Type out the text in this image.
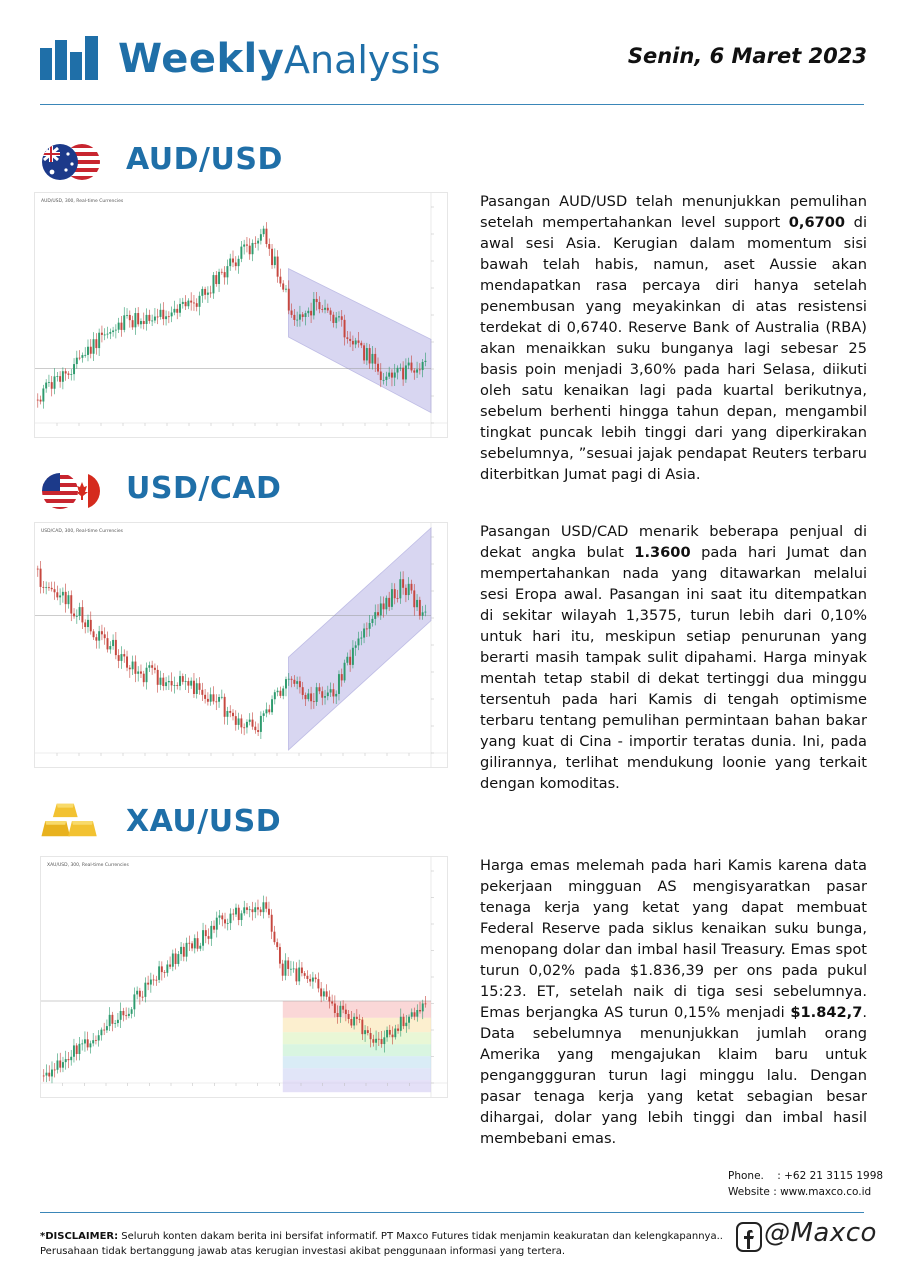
Weekly Analysis	Senin, 6 Maret 2023
AUD/USD
AUD/USD, 300, Real-time Currencies	Pasangan AUD/USD telah menunjukkan pemulihan setelah mempertahankan level support 0,6700 di awal sesi Asia. Kerugian dalam momentum sisi bawah telah habis, namun, aset Aussie akan mendapatkan rasa percaya diri hanya setelah penembusan yang meyakinkan di atas resistensi terdekat di 0,6740. Reserve Bank of Australia (RBA) akan menaikkan suku bunganya lagi sebesar 25 basis poin menjadi 3,60% pada hari Selasa, diikuti oleh satu kenaikan lagi pada kuartal berikutnya, sebelum berhenti hingga tahun depan, mengambil tingkat puncak lebih tinggi dari yang diperkirakan sebelumnya, ”sesuai jajak pendapat Reuters terbaru diterbitkan Jumat pagi di Asia.
USD/CAD
USD/CAD, 300, Real-time Currencies	Pasangan USD/CAD menarik beberapa penjual di dekat angka bulat 1.3600 pada hari Jumat dan mempertahankan nada yang ditawarkan melalui sesi Eropa awal. Pasangan ini saat itu ditempatkan di sekitar wilayah 1,3575, turun lebih dari 0,10% untuk hari itu, meskipun setiap penurunan yang berarti masih tampak sulit dipahami. Harga minyak mentah tetap stabil di dekat tertinggi dua minggu tersentuh pada hari Kamis di tengah optimisme terbaru tentang pemulihan permintaan bahan bakar yang kuat di Cina - importir teratas dunia. Ini, pada gilirannya, terlihat mendukung loonie yang terkait dengan komoditas.
XAU/USD
XAU/USD, 300, Real-time Currencies	Harga emas melemah pada hari Kamis karena data pekerjaan mingguan AS mengisyaratkan pasar tenaga kerja yang ketat yang dapat membuat Federal Reserve pada siklus kenaikan suku bunga, menopang dolar dan imbal hasil Treasury. Emas spot turun 0,02% pada $1.836,39 per ons pada pukul 15:23. ET, setelah naik di tiga sesi sebelumnya. Emas berjangka AS turun 0,15% menjadi $1.842,7. Data sebelumnya menunjukkan jumlah orang Amerika yang mengajukan klaim baru untuk penganggguran turun lagi minggu lalu. Dengan pasar tenaga kerja yang ketat sebagian besar dihargai, dolar yang lebih tinggi dan imbal hasil membebani emas.
Phone. : +62 21 3115 1998
Website : www.maxco.co.id
*DISCLAIMER: Seluruh konten dakam berita ini bersifat informatif. PT Maxco Futures tidak menjamin keakuratan dan kelengkapannya.. Perusahaan tidak bertanggung jawab atas kerugian investasi akibat penggunaan informasi yang tertera.
@Maxco
